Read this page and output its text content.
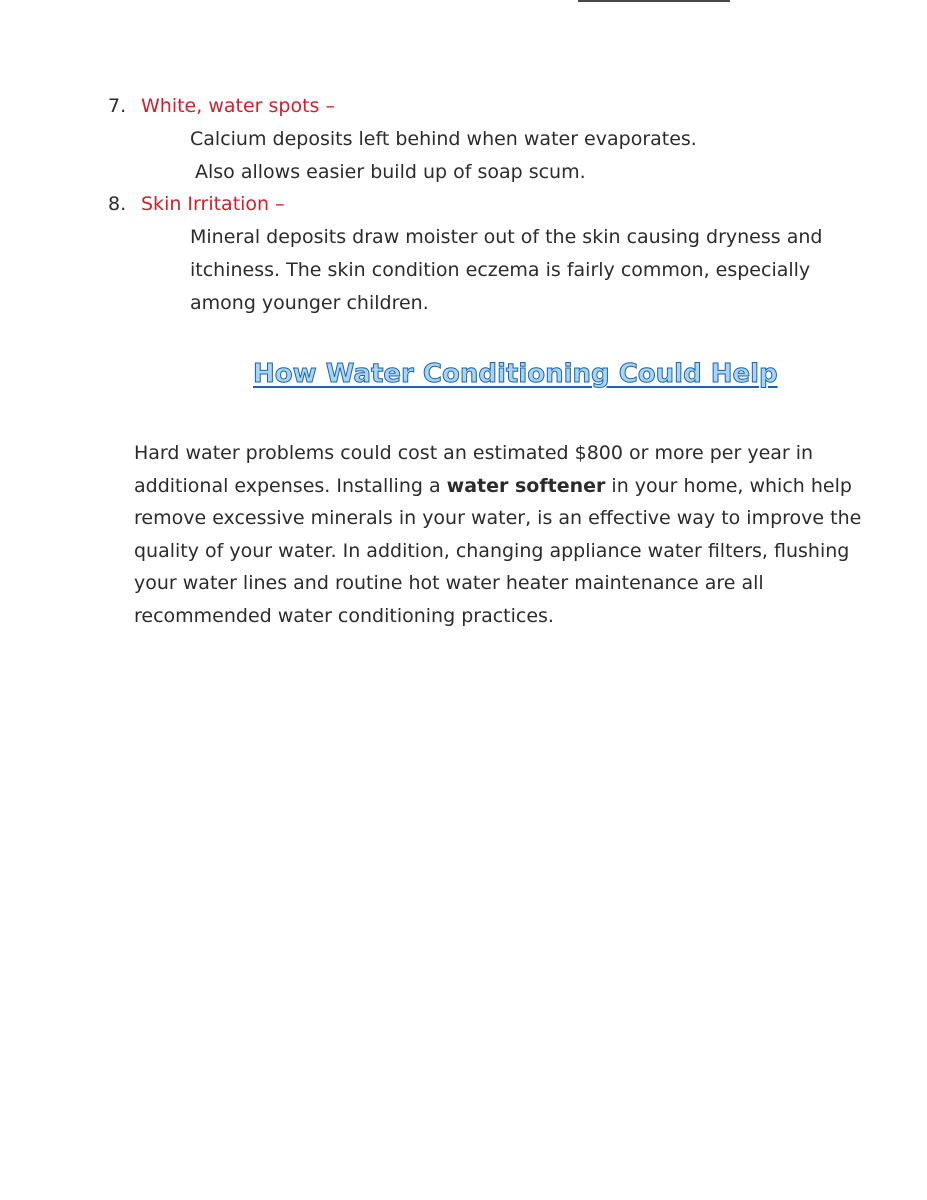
7. White, water spots –
Calcium deposits left behind when water evaporates.
Also allows easier build up of soap scum.
8. Skin Irritation –
Mineral deposits draw moister out of the skin causing dryness and
itchiness. The skin condition eczema is fairly common, especially
among younger children.
How Water Conditioning Could Help

Hard water problems could cost an estimated $800 or more per year in additional expenses. Installing a water softener in your home, which help remove excessive minerals in your water, is an effective way to improve the quality of your water. In addition, changing appliance water filters, flushing your water lines and routine hot water heater maintenance are all recommended water conditioning practices.
